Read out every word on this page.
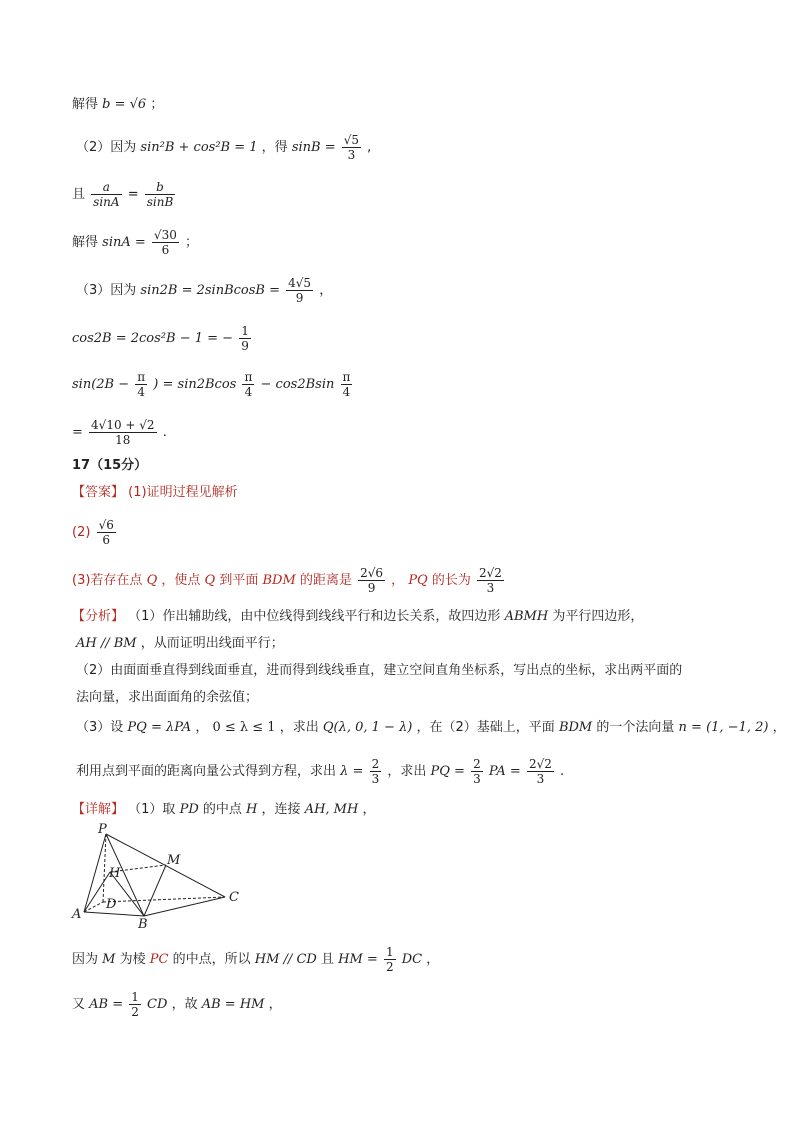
解得 b = √6 ；
（2）因为 sin²B + cos²B = 1 ，得 $\sin B = \frac{√5}{3}$ ,
且 $\frac{a}{\sin A} = \frac{b}{\sin B}$
解得 $\sin A = \frac{√30}{6}$ ；
（3）因为 sin2B = 2sinBcosB = $\frac{4√5}{9}$ ，
cos2B = 2cos²B − 1 = − $\frac{1}{9}$
$\sin(2B - \frac{\pi}{4}$ ) = $\sin 2Bcos \frac{\pi}{4} - \cos 2Bsin \frac{\pi}{4}$
= $\frac{4√10 + √2}{18}$ .
17（15分）
【答案】 (1)证明过程见解析
$(2) \frac{√6}{6}$
(3)若存在点 Q ，使点 Q 到平面 BDM 的距离是 $\frac{2√6}{9}$ ， PQ 的长为 $\frac{2√2}{3}$
【分析】 （1）作出辅助线，由中位线得到线线平行和边长关系，故四边形 ABMH 为平行四边形，
AH // BM ，从而证明出线面平行；
（2）由面面垂直得到线面垂直，进而得到线线垂直，建立空间直角坐标系，写出点的坐标，求出两平面的
法向量，求出面面角的余弦值；
（3）设 PQ = λPA ， 0 ≤ λ ≤ 1 ，求出 Q(λ, 0, 1 − λ) ，在（2）基础上，平面 BDM 的一个法向量 n = (1, −1, 2) ，
利用点到平面的距离向量公式得到方程，求出 $\lambda = \frac{2}{3}$ ，求出 PQ = $\frac{2}{3}$ PA = $\frac{2√2}{3}$ .
【详解】 （1）取 PD 的中点 H ，连接 AH, MH ，
P
M
H
D	C
A
B
因为 M 为棱 PC 的中点，所以 HM // CD 且 HM = $\frac{1}{2}$ DC ，
又 AB = $\frac{1}{2}$ CD ，故 AB = HM ，
